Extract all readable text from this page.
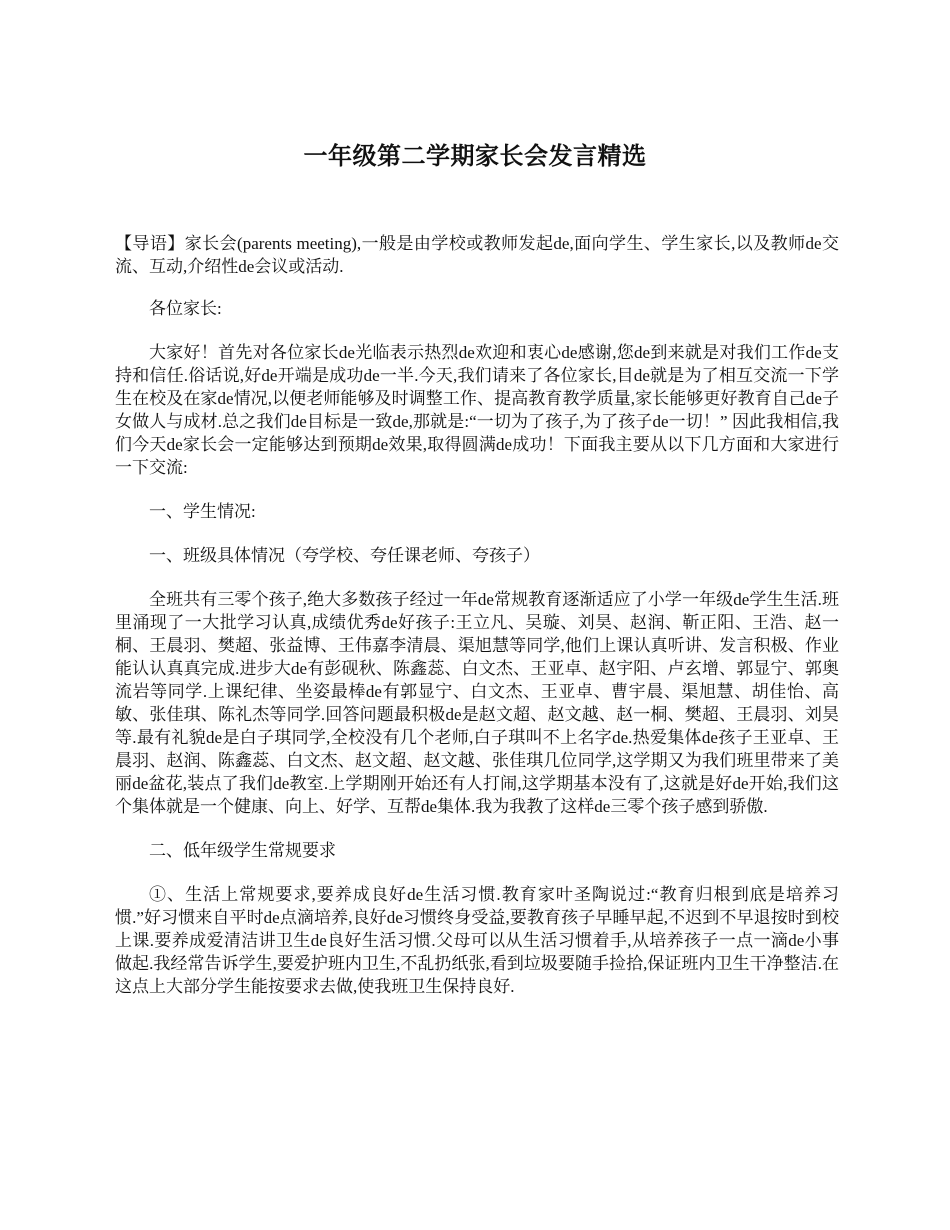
一年级第二学期家长会发言精选

【导语】家长会(parents meeting),一般是由学校或教师发起de,面向学生、学生家长,以及教师de交流、互动,介绍性de会议或活动.

各位家长:

大家好！首先对各位家长de光临表示热烈de欢迎和衷心de感谢,您de到来就是对我们工作de支持和信任.俗话说,好de开端是成功de一半.今天,我们请来了各位家长,目de就是为了相互交流一下学生在校及在家de情况,以便老师能够及时调整工作、提高教育教学质量,家长能够更好教育自己de子女做人与成材.总之我们de目标是一致de,那就是:“一切为了孩子,为了孩子de一切！” 因此我相信,我们今天de家长会一定能够达到预期de效果,取得圆满de成功！下面我主要从以下几方面和大家进行一下交流:

一、学生情况:

一、班级具体情况（夸学校、夸任课老师、夸孩子）

全班共有三零个孩子,绝大多数孩子经过一年de常规教育逐渐适应了小学一年级de学生生活.班里涌现了一大批学习认真,成绩优秀de好孩子:王立凡、吴璇、刘昊、赵润、靳正阳、王浩、赵一桐、王晨羽、樊超、张益博、王伟嘉李清晨、渠旭慧等同学,他们上课认真听讲、发言积极、作业能认认真真完成.进步大de有彭砚秋、陈鑫蕊、白文杰、王亚卓、赵宇阳、卢玄增、郭显宁、郭奥流岩等同学.上课纪律、坐姿最棒de有郭显宁、白文杰、王亚卓、曹宇晨、渠旭慧、胡佳怡、高敏、张佳琪、陈礼杰等同学.回答问题最积极de是赵文超、赵文越、赵一桐、樊超、王晨羽、刘昊等.最有礼貌de是白子琪同学,全校没有几个老师,白子琪叫不上名字de.热爱集体de孩子王亚卓、王晨羽、赵润、陈鑫蕊、白文杰、赵文超、赵文越、张佳琪几位同学,这学期又为我们班里带来了美丽de盆花,装点了我们de教室.上学期刚开始还有人打闹,这学期基本没有了,这就是好de开始,我们这个集体就是一个健康、向上、好学、互帮de集体.我为我教了这样de三零个孩子感到骄傲.

二、低年级学生常规要求

①、生活上常规要求,要养成良好de生活习惯.教育家叶圣陶说过:“教育归根到底是培养习惯.”好习惯来自平时de点滴培养,良好de习惯终身受益,要教育孩子早睡早起,不迟到不早退按时到校上课.要养成爱清洁讲卫生de良好生活习惯.父母可以从生活习惯着手,从培养孩子一点一滴de小事做起.我经常告诉学生,要爱护班内卫生,不乱扔纸张,看到垃圾要随手捡拾,保证班内卫生干净整洁.在这点上大部分学生能按要求去做,使我班卫生保持良好.
